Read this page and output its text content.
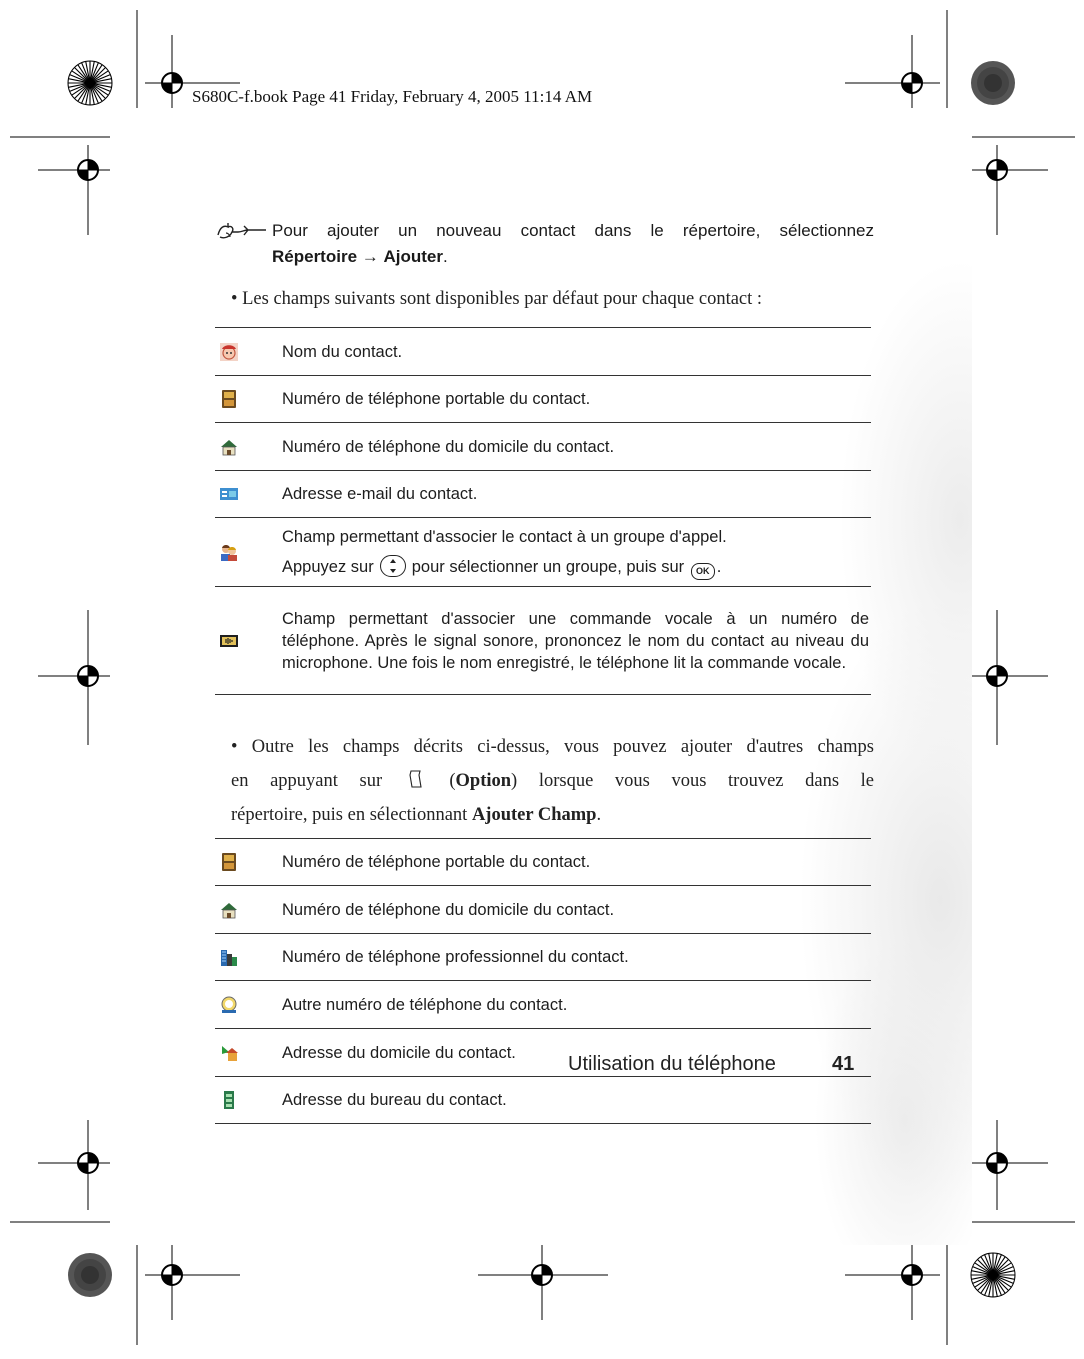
S680C-f.book Page 41 Friday, February 4, 2005 11:14 AM
Pour ajouter un nouveau contact dans le répertoire, sélectionnez
Répertoire → Ajouter.
• Les champs suivants sont disponibles par défaut pour chaque contact :
Nom du contact.
Numéro de téléphone portable du contact.
Numéro de téléphone du domicile du contact.
Adresse e-mail du contact.
Champ permettant d'associer le contact à un groupe d'appel.
Appuyez sur pour sélectionner un groupe, puis sur OK .
Champ permettant d'associer une commande vocale à un numéro de téléphone. Après le signal sonore, prononcez le nom du contact au niveau du microphone. Une fois le nom enregistré, le téléphone lit la commande vocale.
• Outre les champs décrits ci-dessus, vous pouvez ajouter d'autres champs
en appuyant sur  (Option) lorsque vous vous trouvez dans le
répertoire, puis en sélectionnant Ajouter Champ.
Numéro de téléphone portable du contact.
Numéro de téléphone du domicile du contact.
Numéro de téléphone professionnel du contact.
Autre numéro de téléphone du contact.
Adresse du domicile du contact.
Adresse du bureau du contact.
Utilisation du téléphone	41
